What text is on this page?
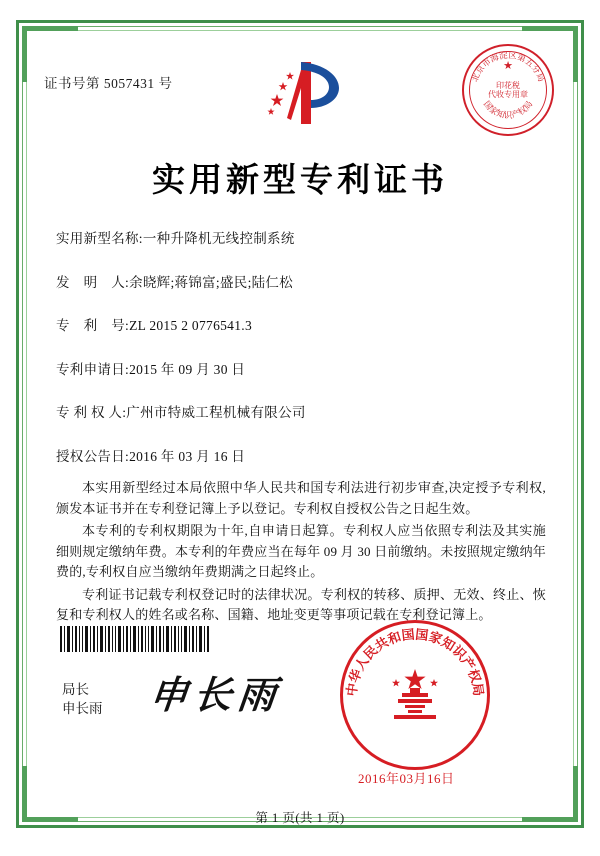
证书号第 5057431 号	北京市海淀区第五分局
国家知识产权局
★
印花税
代收专用章
实用新型专利证书
实用新型名称:一种升降机无线控制系统
发　明　人:余晓辉;蒋锦富;盛民;陆仁松
专　利　号:ZL 2015 2 0776541.3
专利申请日:2015 年 09 月 30 日
专 利 权 人:广州市特威工程机械有限公司
授权公告日:2016 年 03 月 16 日

本实用新型经过本局依照中华人民共和国专利法进行初步审查,决定授予专利权,颁发本证书并在专利登记簿上予以登记。专利权自授权公告之日起生效。

本专利的专利权期限为十年,自申请日起算。专利权人应当依照专利法及其实施细则规定缴纳年费。本专利的年费应当在每年 09 月 30 日前缴纳。未按照规定缴纳年费的,专利权自应当缴纳年费期满之日起终止。

专利证书记载专利权登记时的法律状况。专利权的转移、质押、无效、终止、恢复和专利权人的姓名或名称、国籍、地址变更等事项记载在专利登记簿上。

局长
申长雨 申长雨	中华人民共和国国家知识产权局
2016年03月16日
第 1 页(共 1 页)
